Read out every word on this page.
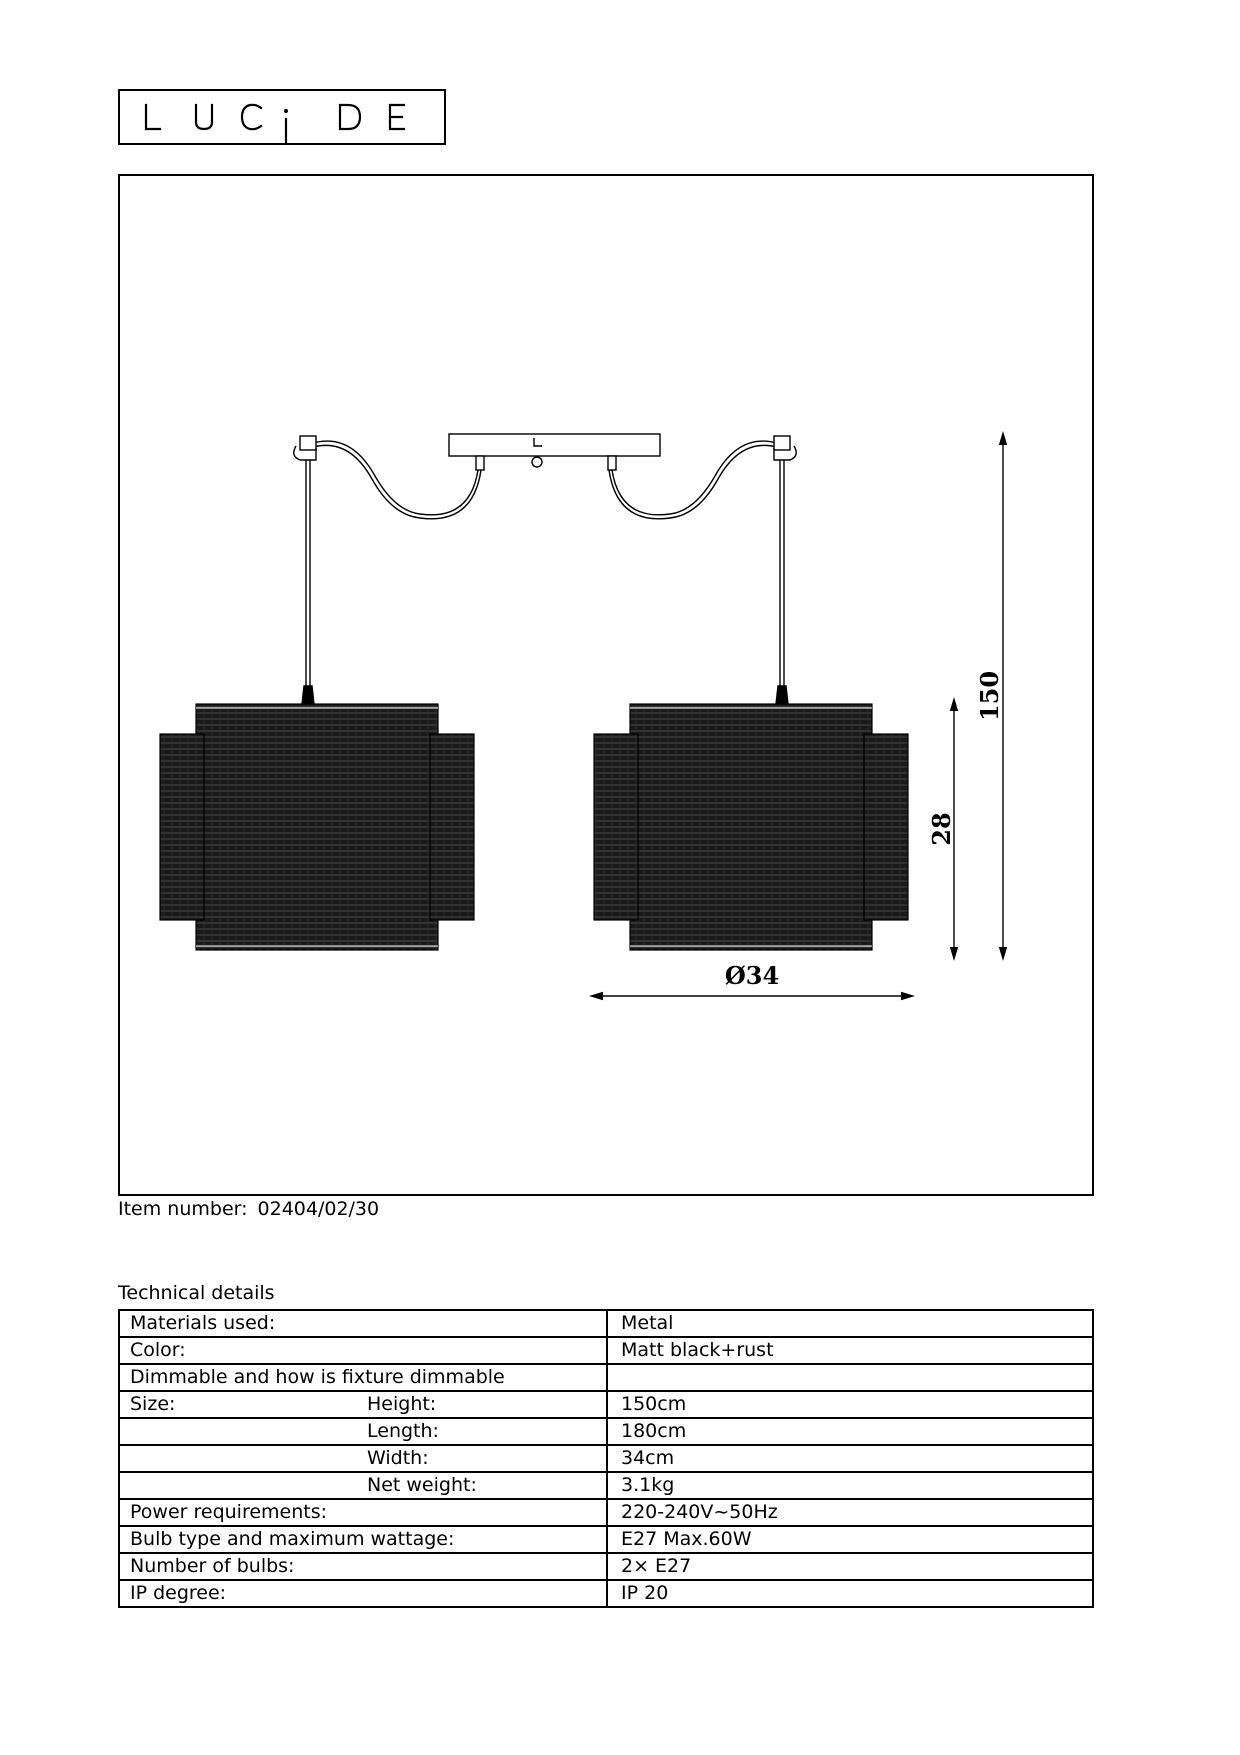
150
28
Ø34
Item number: 02404/02/30
Technical details
Materials used:	Metal
Color:	Matt black+rust
Dimmable and how is fixture dimmable

Size: Height:	150cm

Length:	180cm

Width:	34cm

Net weight:	3.1kg
Power requirements:	220-240V~50Hz
Bulb type and maximum wattage:	E27 Max.60W
Number of bulbs:	2× E27
IP degree:	IP 20
